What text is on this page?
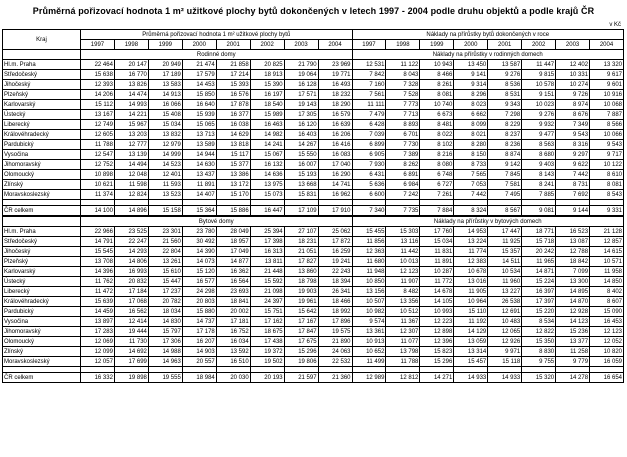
Průměrná pořizovací hodnota 1 m² užitkové plochy bytů dokončených v letech 1997 - 2004 podle druhu objektů a podle krajů ČR
v Kč
Kraj	Průměrná pořizovací hodnota 1 m² užitkové plochy bytů								Náklady na přírůstky bytů dokončených v roce							
	1997	1998	1999	2000	2001	2002	2003	2004	1997	1998	1999	2000	2001	2002	2003	2004
	Rodinné domy								Náklady na přírůstky v rodinných domech							
Hl.m. Praha	22 464	20 147	20 949	21 474	21 858	20 825	21 790	23 969	12 531	11 122	10 943	13 450	13 587	11 447	12 402	13 320
Středočeský	15 638	16 770	17 189	17 579	17 214	18 913	19 064	19 771	7 842	8 043	8 466	9 141	9 276	9 815	10 331	9 617
Jihočeský	12 393	13 826	13 583	14 453	15 393	15 390	16 128	16 493	7 160	7 328	8 261	9 314	8 536	10 578	10 274	9 601
Plzeňský	14 206	14 474	14 913	15 850	16 576	16 197	17 571	18 232	7 561	7 528	8 081	8 296	8 531	9 151	9 726	10 916
Karlovarský	15 112	14 993	16 066	16 640	17 878	18 540	19 143	18 290	11 111	7 773	10 740	8 023	9 343	10 023	8 974	10 068
Ústecký	13 167	14 221	15 408	15 939	16 377	15 989	17 305	16 579	7 479	7 713	6 673	6 662	7 298	9 276	8 676	7 887
Liberecký	12 749	15 967	15 034	15 065	16 038	16 463	16 120	16 639	6 428	8 893	8 481	8 099	8 229	9 932	7 349	8 566
Královéhradecký	12 605	13 203	13 832	13 713	14 629	14 982	16 403	16 206	7 039	6 701	8 022	8 021	8 237	9 477	9 543	10 066
Pardubický	11 788	12 777	12 979	13 589	13 818	14 241	14 267	16 416	6 899	7 730	8 102	8 280	8 236	8 563	8 316	9 543
Vysočina	12 547	13 139	14 999	14 944	15 117	15 067	15 550	16 083	6 905	7 389	8 216	8 150	8 874	8 680	9 297	9 717
Jihomoravský	12 752	14 494	14 523	14 630	15 377	16 132	16 007	17 040	7 930	8 262	8 080	8 733	9 142	9 403	9 622	10 122
Olomoucký	10 898	12 048	12 401	13 437	13 386	14 636	15 193	16 290	6 431	6 891	6 748	7 565	7 845	8 143	7 442	8 610
Zlínský	10 621	11 598	11 593	11 891	13 172	13 975	13 668	14 741	5 636	6 984	6 727	7 053	7 581	8 241	8 731	8 081
Moravskoslezský	11 374	12 824	13 523	14 407	15 170	15 073	15 831	16 962	6 600	7 242	7 261	7 442	7 495	7 885	7 692	8 543

ČR celkem	14 100	14 896	15 158	15 364	15 886	16 447	17 109	17 910	7 340	7 735	7 884	8 324	8 567	9 081	9 144	9 331
	Bytové domy								Náklady na přírůstky v bytových domech							
Hl.m. Praha	22 966	23 525	23 301	23 780	28 049	25 394	27 107	25 062	15 455	15 303	17 760	14 953	17 447	18 771	16 523	21 128
Středočeský	14 791	22 247	21 560	30 492	18 957	17 398	18 231	17 872	11 856	13 116	15 034	13 224	11 925	15 718	13 087	12 857
Jihočeský	15 545	14 293	22 804	14 390	17 049	16 313	21 051	16 259	12 363	11 442	11 831	11 774	15 357	20 242	12 788	14 615
Plzeňský	13 708	14 806	13 261	14 073	14 877	13 811	17 827	19 241	11 680	10 013	11 891	12 383	14 511	11 965	18 842	10 571
Karlovarský	14 396	16 993	15 610	15 120	16 362	21 448	13 860	22 243	11 948	12 123	10 287	10 678	10 534	14 871	7 099	11 958
Ústecký	11 762	20 832	15 447	16 577	16 564	15 592	18 798	18 394	10 850	11 907	11 772	13 016	11 960	15 224	13 300	14 850
Liberecký	11 472	17 184	17 237	24 298	23 693	21 098	19 903	26 341	13 156	8 482	14 678	11 905	13 227	16 397	14 895	8 402
Královéhradecký	15 639	17 068	20 782	20 803	18 841	24 397	19 961	18 466	10 507	13 356	14 105	10 964	26 538	17 397	14 870	8 607
Pardubický	14 459	16 562	18 034	15 880	20 002	15 751	15 642	18 992	10 982	10 512	10 993	15 110	12 691	15 220	12 928	15 090
Vysočina	13 897	12 414	14 830	14 737	17 181	17 162	17 167	17 896	9 574	11 367	12 223	11 192	10 483	8 534	14 123	16 453
Jihomoravský	17 283	19 444	15 797	17 178	16 752	18 675	17 847	19 575	13 361	12 307	12 898	14 129	12 065	12 822	15 236	12 123
Olomoucký	12 069	11 730	17 306	16 207	16 034	17 438	17 675	21 890	10 913	11 077	12 396	13 059	12 926	15 350	13 377	12 052
Zlínský	12 099	14 692	14 988	14 903	13 592	19 372	15 296	24 063	10 652	13 798	15 823	13 314	9 971	8 830	11 258	10 820
Moravskoslezský	12 057	17 699	14 963	20 557	16 510	19 502	19 806	22 532	11 499	11 788	15 296	15 457	15 118	9 755	9 779	16 059

ČR celkem	16 332	19 898	19 555	18 984	20 030	20 193	21 597	21 360	12 989	12 812	14 271	14 933	14 933	15 320	14 278	16 654
